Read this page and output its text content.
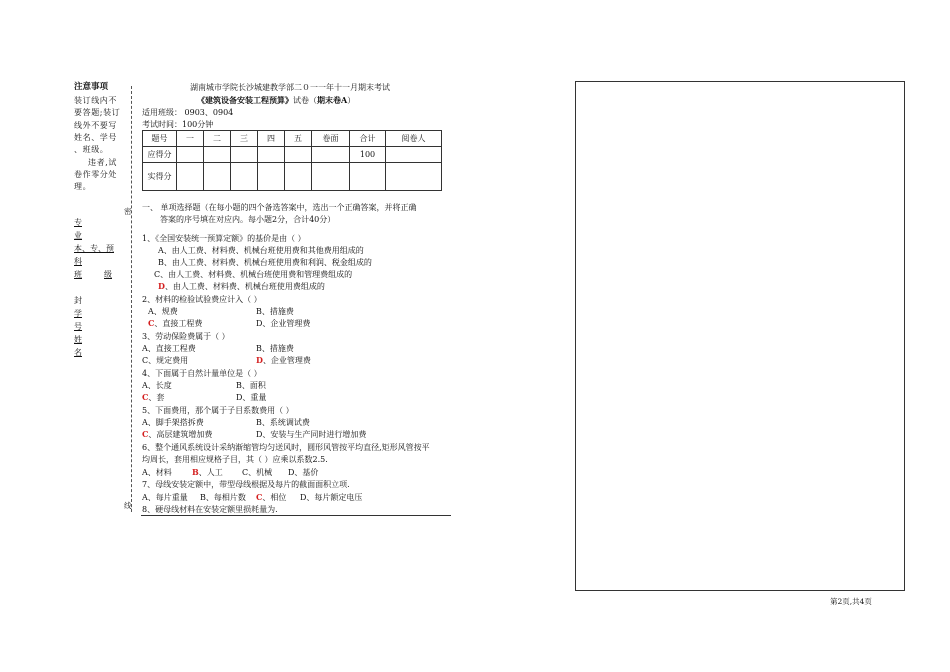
注意事项
装订线内不
要答题;装订
线外不要写
姓名、学号
、班级。
违者,试
卷作零分处
理。
专
业
本、专、预
科
班	级
封
学
号
姓
名
密
线
湖南城市学院长沙城建教学部二０一一年十一月期末考试
《建筑设备安装工程预算》试卷（期末卷A）
适用班级： 0903、0904
考试时间：100分钟
题号	一	二	三	四	五	卷面	合计	阅卷人
应得分							100	
实得分								
一、 单项选择题（在每小题的四个备选答案中，选出一个正确答案，并将正确
答案的序号填在对应内。每小题2分，合计40分）
1、《全国安装统一预算定额》的基价是由（ ）
A、由人工费、材料费、机械台班使用费和其他费用组成的
B、由人工费、材料费、机械台班使用费和利润、税金组成的
C、由人工费、材料费、机械台班使用费和管理费组成的
D、由人工费、材料费、机械台班使用费组成的
2、材料的检验试验费应计入（ ）
A、规费	B、措施费
C、直接工程费	D、企业管理费
3、劳动保险费属于（ ）
A、直接工程费	B、措施费
C、规定费用	D、企业管理费
4、下面属于自然计量单位是（ ）
A、长度	B、面积
C、套	D、重量
5、下面费用，那个属于子目系数费用（ ）
A、脚手架搭拆费	B、系统调试费
C、高层建筑增加费	D、安装与生产同时进行增加费
6、整个通风系统设计采纳渐缩管均匀送风时，圆形风管按平均直径,矩形风管按平
均周长，套用相应规格子目，其（ ）应乘以系数2.5.
A、材料	B、人工 C、机械 D、基价
7、母线安装定额中，带型母线根据及每片的截面面积立项.
A、每片重量 B、每相片数 C、相位 D、每片额定电压
8、硬母线材料在安装定额里损耗量为.
第2页,共4页
